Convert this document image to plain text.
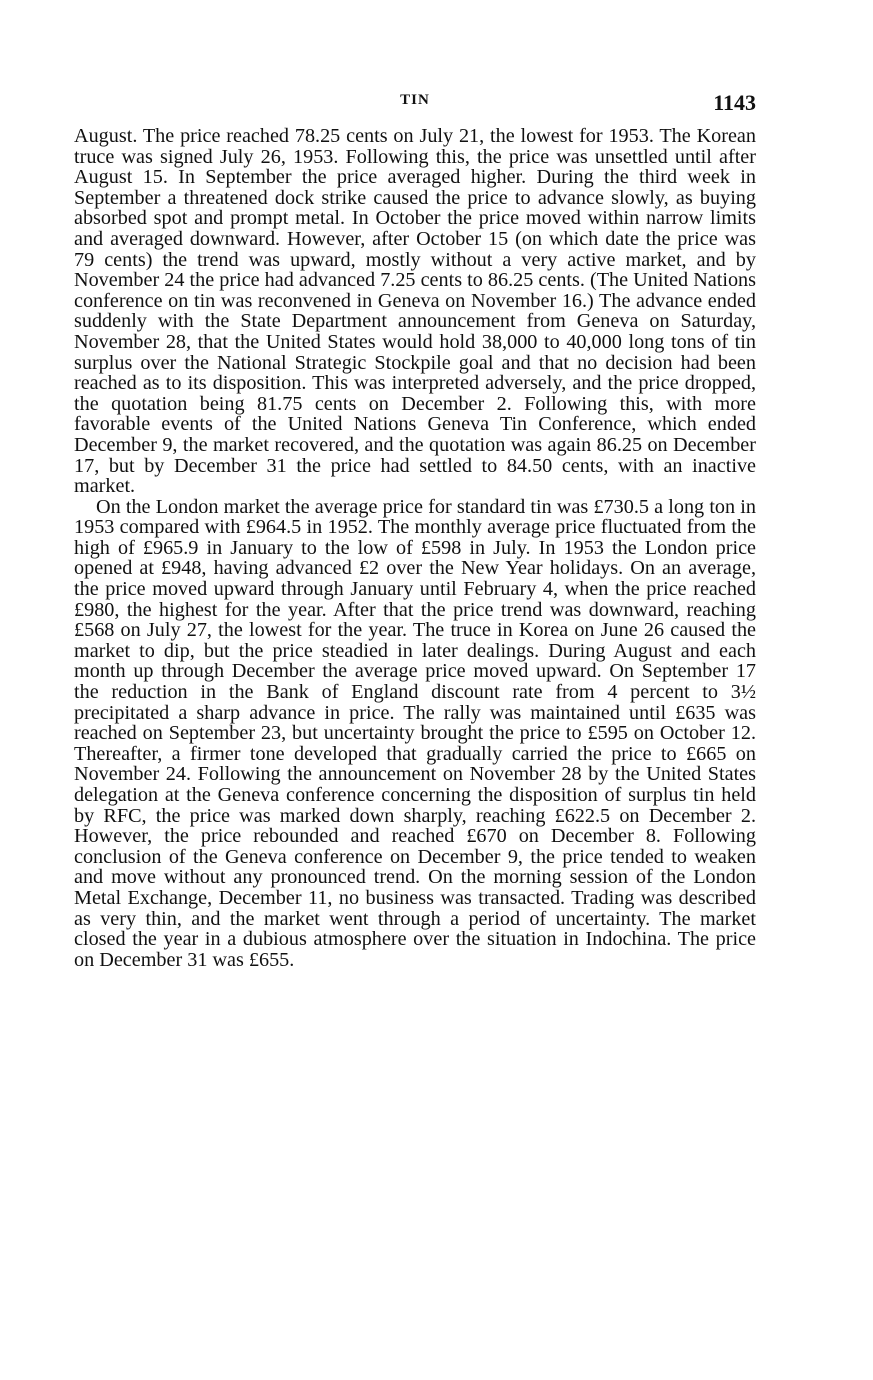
TIN	1143

August. The price reached 78.25 cents on July 21, the lowest for 1953. The Korean truce was signed July 26, 1953. Following this, the price was unsettled until after August 15. In September the price averaged higher. During the third week in September a threatened dock strike caused the price to advance slowly, as buying absorbed spot and prompt metal. In October the price moved within narrow limits and averaged downward. However, after October 15 (on which date the price was 79 cents) the trend was upward, mostly without a very active market, and by November 24 the price had advanced 7.25 cents to 86.25 cents. (The United Nations conference on tin was reconvened in Geneva on November 16.) The advance ended suddenly with the State Department announcement from Geneva on Saturday, November 28, that the United States would hold 38,000 to 40,000 long tons of tin surplus over the National Strategic Stockpile goal and that no decision had been reached as to its disposition. This was interpreted adversely, and the price dropped, the quotation being 81.75 cents on December 2. Following this, with more favorable events of the United Nations Geneva Tin Conference, which ended December 9, the market recovered, and the quotation was again 86.25 on December 17, but by December 31 the price had settled to 84.50 cents, with an inactive market.

On the London market the average price for standard tin was £730.5 a long ton in 1953 compared with £964.5 in 1952. The monthly average price fluctuated from the high of £965.9 in January to the low of £598 in July. In 1953 the London price opened at £948, having advanced £2 over the New Year holidays. On an average, the price moved upward through January until February 4, when the price reached £980, the highest for the year. After that the price trend was downward, reaching £568 on July 27, the lowest for the year. The truce in Korea on June 26 caused the market to dip, but the price steadied in later dealings. During August and each month up through December the average price moved upward. On September 17 the reduction in the Bank of England discount rate from 4 percent to 3½ precipitated a sharp advance in price. The rally was maintained until £635 was reached on September 23, but uncertainty brought the price to £595 on October 12. Thereafter, a firmer tone developed that gradually carried the price to £665 on November 24. Following the announcement on November 28 by the United States delegation at the Geneva conference concerning the disposition of surplus tin held by RFC, the price was marked down sharply, reaching £622.5 on December 2. However, the price rebounded and reached £670 on December 8. Following conclusion of the Geneva conference on December 9, the price tended to weaken and move without any pronounced trend. On the morning session of the London Metal Exchange, December 11, no business was transacted. Trading was described as very thin, and the market went through a period of uncertainty. The market closed the year in a dubious atmosphere over the situation in Indochina. The price on December 31 was £655.
